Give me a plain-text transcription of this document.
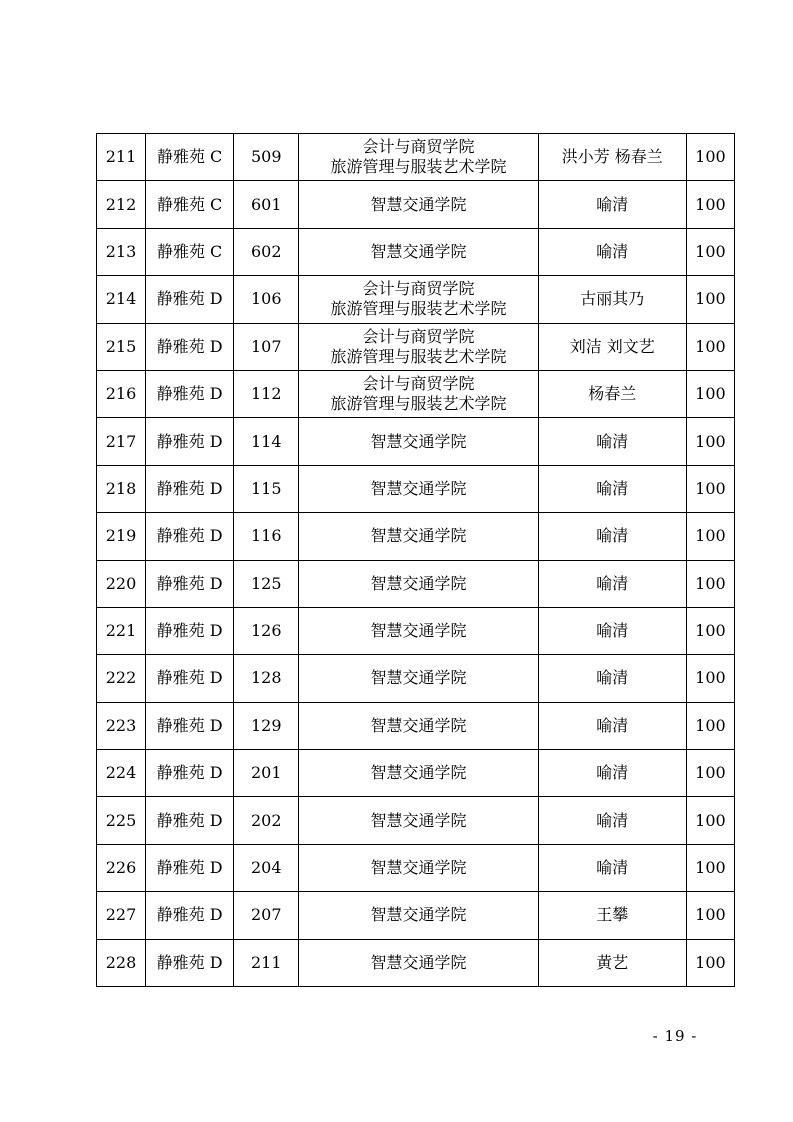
211	静雅苑 C	509	会计与商贸学院
旅游管理与服装艺术学院	洪小芳 杨春兰	100
212	静雅苑 C	601	智慧交通学院	喻清	100
213	静雅苑 C	602	智慧交通学院	喻清	100
214	静雅苑 D	106	会计与商贸学院
旅游管理与服装艺术学院	古丽其乃	100
215	静雅苑 D	107	会计与商贸学院
旅游管理与服装艺术学院	刘洁 刘文艺	100
216	静雅苑 D	112	会计与商贸学院
旅游管理与服装艺术学院	杨春兰	100
217	静雅苑 D	114	智慧交通学院	喻清	100
218	静雅苑 D	115	智慧交通学院	喻清	100
219	静雅苑 D	116	智慧交通学院	喻清	100
220	静雅苑 D	125	智慧交通学院	喻清	100
221	静雅苑 D	126	智慧交通学院	喻清	100
222	静雅苑 D	128	智慧交通学院	喻清	100
223	静雅苑 D	129	智慧交通学院	喻清	100
224	静雅苑 D	201	智慧交通学院	喻清	100
225	静雅苑 D	202	智慧交通学院	喻清	100
226	静雅苑 D	204	智慧交通学院	喻清	100
227	静雅苑 D	207	智慧交通学院	王攀	100
228	静雅苑 D	211	智慧交通学院	黄艺	100
- 19 -
